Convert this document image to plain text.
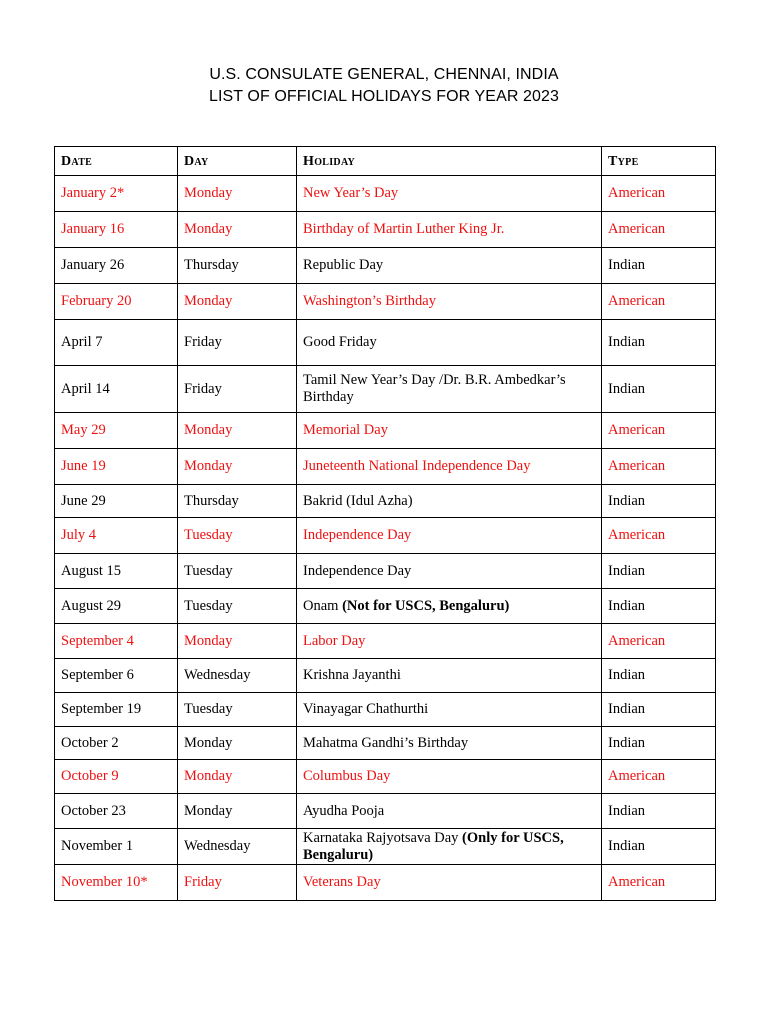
U.S. CONSULATE GENERAL, CHENNAI, INDIA
LIST OF OFFICIAL HOLIDAYS FOR YEAR 2023
Date	Day	Holiday	Type
January 2*	Monday	New Year’s Day	American
January 16	Monday	Birthday of Martin Luther King Jr.	American
January 26	Thursday	Republic Day	Indian
February 20	Monday	Washington’s Birthday	American
April 7	Friday	Good Friday	Indian
April 14	Friday	Tamil New Year’s Day /Dr. B.R. Ambedkar’s Birthday	Indian
May 29	Monday	Memorial Day	American
June 19	Monday	Juneteenth National Independence Day	American
June 29	Thursday	Bakrid (Idul Azha)	Indian
July 4	Tuesday	Independence Day	American
August 15	Tuesday	Independence Day	Indian
August 29	Tuesday	Onam (Not for USCS, Bengaluru)	Indian
September 4	Monday	Labor Day	American
September 6	Wednesday	Krishna Jayanthi	Indian
September 19	Tuesday	Vinayagar Chathurthi	Indian
October 2	Monday	Mahatma Gandhi’s Birthday	Indian
October 9	Monday	Columbus Day	American
October 23	Monday	Ayudha Pooja	Indian
November 1	Wednesday	Karnataka Rajyotsava Day (Only for USCS, Bengaluru)	Indian
November 10*	Friday	Veterans Day	American
